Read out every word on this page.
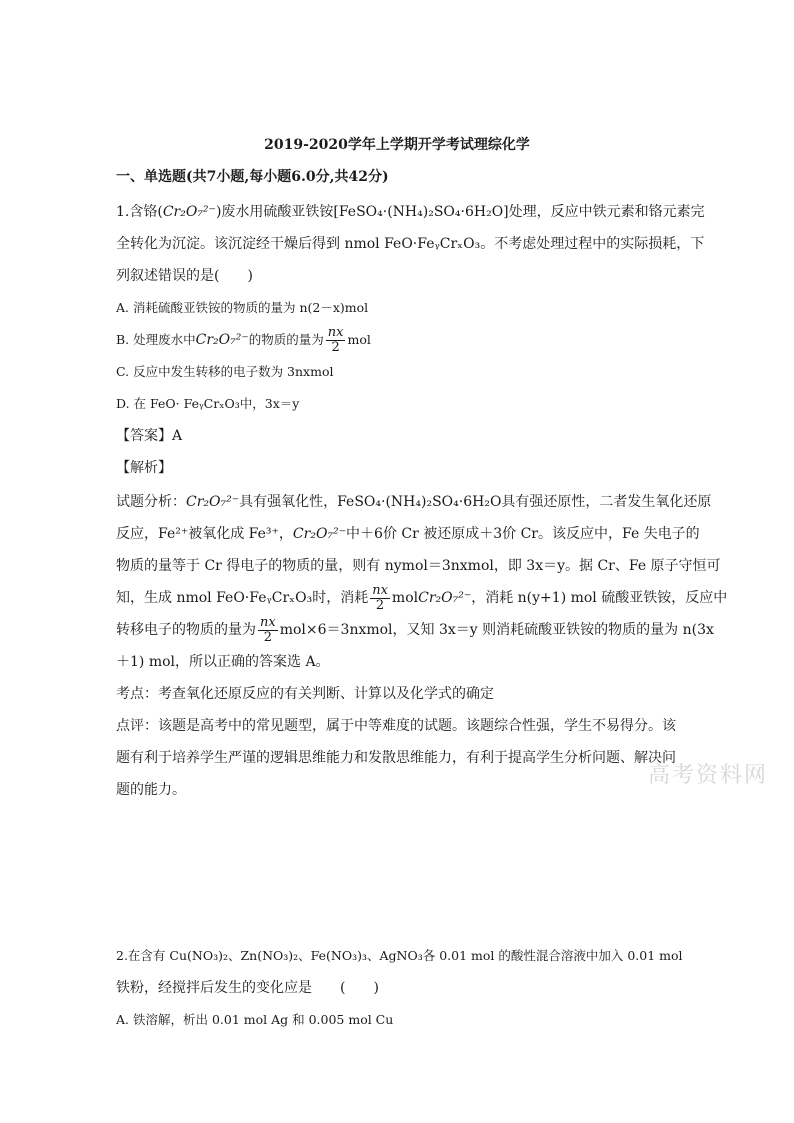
2019-2020学年上学期开学考试理综化学
一、单选题(共7小题,每小题6.0分,共42分)
1.含铬(Cr₂O₇²⁻)废水用硫酸亚铁铵[FeSO₄·(NH₄)₂SO₄·6H₂O]处理，反应中铁元素和铬元素完
全转化为沉淀。该沉淀经干燥后得到 nmol FeO·FeᵧCrₓO₃。不考虑处理过程中的实际损耗，下
列叙述错误的是(　　)
A. 消耗硫酸亚铁铵的物质的量为 n(2－x)mol
B. 处理废水中Cr₂O₇²⁻的物质的量为 $\frac{nx}{2}$ mol
C. 反应中发生转移的电子数为 3nxmol
D. 在 FeO· FeᵧCrₓO₃中，3x＝y
【答案】A
【解析】
试题分析：Cr₂O₇²⁻具有强氧化性，FeSO₄·(NH₄)₂SO₄·6H₂O具有强还原性，二者发生氧化还原
反应，Fe²⁺被氧化成 Fe³⁺，Cr₂O₇²⁻中＋6价 Cr 被还原成＋3价 Cr。该反应中，Fe 失电子的
物质的量等于 Cr 得电子的物质的量，则有 nymol＝3nxmol，即 3x＝y。据 Cr、Fe 原子守恒可
知，生成 nmol FeO·FeᵧCrₓO₃时，消耗 $\frac{nx}{2}$ molCr₂O₇²⁻，消耗 n(y+1) mol 硫酸亚铁铵，反应中
转移电子的物质的量为 $\frac{nx}{2}$ mol×6＝3nxmol，又知 3x＝y 则消耗硫酸亚铁铵的物质的量为 n(3x
＋1) mol，所以正确的答案选 A。
考点：考查氧化还原反应的有关判断、计算以及化学式的确定
点评：该题是高考中的常见题型，属于中等难度的试题。该题综合性强，学生不易得分。该
题有利于培养学生严谨的逻辑思维能力和发散思维能力，有利于提高学生分析问题、解决问
题的能力。
高考资料网
2.在含有 Cu(NO₃)₂、Zn(NO₃)₂、Fe(NO₃)₃、AgNO₃各 0.01 mol 的酸性混合溶液中加入 0.01 mol
铁粉，经搅拌后发生的变化应是　　(　　)
A. 铁溶解，析出 0.01 mol Ag 和 0.005 mol Cu
